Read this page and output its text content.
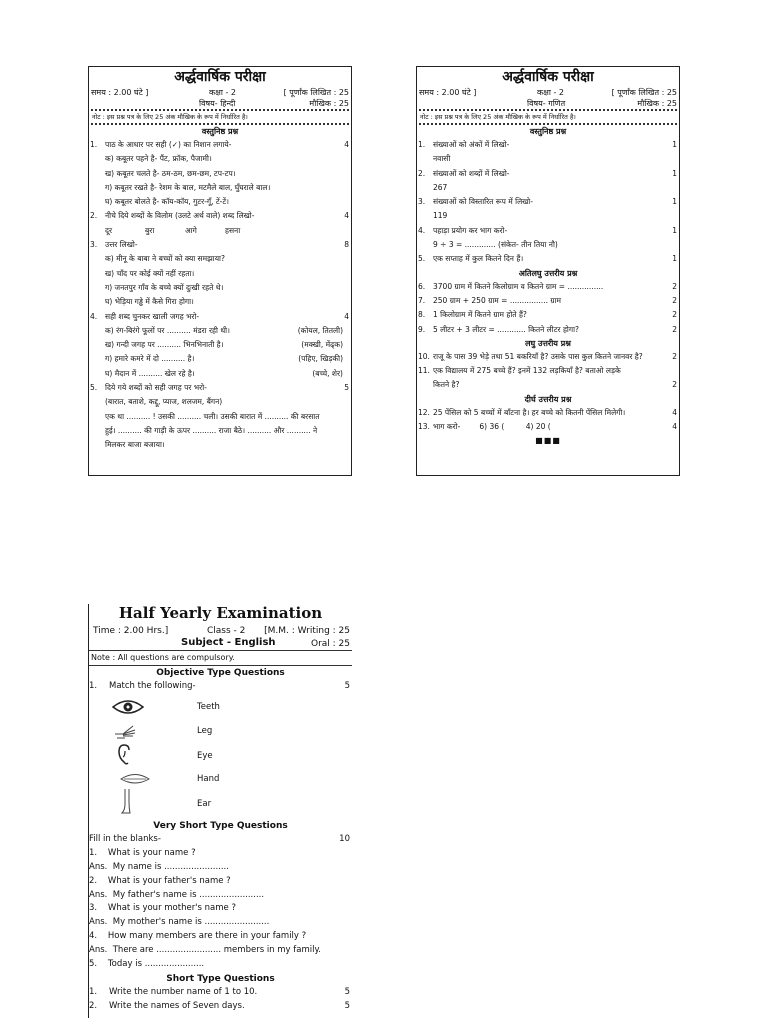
अर्द्धवार्षिक परीक्षा
समय : 2.00 घंटे ]	कक्षा - 2	[ पूर्णांक लिखित : 25
विषय- हिन्दी	मौखिक : 25
नोट : इस प्रश्न पत्र के लिए 25 अंक मौखिक के रूप में निर्धारित है।
वस्तुनिष्ठ प्रश्न
1. पाठ के आधार पर सही (✓) का निशान लगाये-	4
क) कबूतर पहने है- पैंट, फ्रॉक, पैजामी।
ख) कबूतर चलते है- ठम-ठम, छम-छम, टप-टप।
ग) कबूतर रखते है- रेशम के बाल, मटमैले बाल, घुँघराले बाल।
घ) कबूतर बोलते है- कॉय-कॉय, गुटर-गूँ, टें-टें।
2. नीचे दिये शब्दों के विलोम (उलटे अर्थ वाले) शब्द लिखो-	4
दूर	बुरा	आगे	हसना
3. उत्तर लिखो-	8
क) मीनू के बाबा ने बच्चों को क्या समझाया?
ख) चाँद पर कोई क्यों नहीं रहता।
ग) जनतपुर गाँव के बच्चे क्यों दुःखी रहते थे।
घ) भेड़िया गड्ढे में कैसे गिरा होगा।
4. सही शब्द चुनकर खाली जगह भरो-	4
क) रंग-बिरंगे फूलों पर .......... मंडरा रही थी।	(कोयल, तितली)
ख) गन्दी जगह पर .......... भिनभिनाती है।	(मक्खी, मेंढ्क)
ग) हमारे कमरे में दो .......... है।	(पहिए, खिड़की)
घ) मैदान में .......... खेल रहे है।	(बच्चे, शेर)
5. दिये गये शब्दों को सही जगह पर भरो-	5
(बारात, बताशे, कद्दू, प्याज, शलजम, बैंगन)
एक था .......... ! उसकी .......... चली। उसकी बारात में .......... की बरसात
हुई। .......... की गाड़ी के ऊपर .......... राजा बैठे। .......... और .......... ने
मिलकर बाजा बजाया।
अर्द्धवार्षिक परीक्षा
समय : 2.00 घंटे ]	कक्षा - 2	[ पूर्णांक लिखित : 25
विषय- गणित	मौखिक : 25
नोट : इस प्रश्न पत्र के लिए 25 अंक मौखिक के रूप में निर्धारित है।
वस्तुनिष्ठ प्रश्न
1. संख्याओं को अंकों में लिखो-	1
नवासी
2. संख्याओं को शब्दों में लिखो-	1
267
3. संख्याओं को विस्तारित रूप में लिखो-	1
119
4. पहाड़ा प्रयोग कर भाग करो-	1
9 ÷ 3 = ............. (संकेत- तीन तिया नौ)
5. एक सप्ताह में कुल कितने दिन हैं।	1
अतिलघु उत्तरीय प्रश्न
6. 3700 ग्राम में कितने किलोग्राम व कितने ग्राम = ...............	2
7. 250 ग्राम + 250 ग्राम = ................ ग्राम	2
8. 1 किलोग्राम में कितने ग्राम होते हैं?	2
9. 5 लीटर + 3 लीटर = ............ कितने लीटर होगा?	2
लघु उत्तरीय प्रश्न
10. राजू के पास 39 भेड़े तथा 51 बकरियाँ है? उसके पास कुल कितने जानवर है?	2
11. एक विद्यालय में 275 बच्चे हैं? इनमें 132 लड़कियाँ है? बताओ लड़के
कितने है?	2
दीर्घ उत्तरीय प्रश्न
12. 25 पेंसिल को 5 बच्चों में बाँटना है। हर बच्चे को कितनी पेंसिल मिलेगी।	4
13. भाग करो-        6) 36 (         4) 20 (	4
■■■
Half Yearly Examination
Time : 2.00 Hrs.]	Class - 2 [M.M. : Writing : 25
Subject - English	Oral : 25
Note : All questions are compulsory.
Objective Type Questions
1. Match the following-	5
Teeth
Leg
Eye
Hand
Ear
Very Short Type Questions
Fill in the blanks-	10
1.    What is your name ?
Ans.  My name is ........................
2.    What is your father's name ?
Ans.  My father's name is ........................
3.    What is your mother's name ?
Ans.  My mother's name is ........................
4.    How many members are there in your family ?
Ans.  There are ........................ members in my family.
5.    Today is ......................
Short Type Questions
1. Write the number name of 1 to 10.	5
2. Write the names of Seven days.	5
